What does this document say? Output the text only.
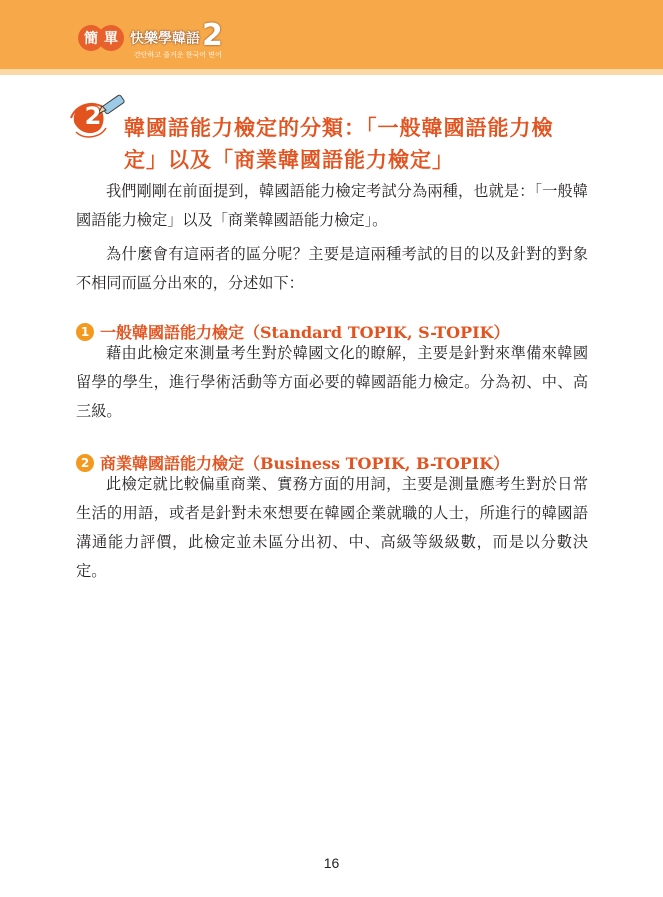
簡 單 快樂學韓語 2
간단하고 즐거운 한국어 면어
2	韓國語能力檢定的分類：「一般韓國語能力檢
定」以及「商業韓國語能力檢定」

我們剛剛在前面提到，韓國語能力檢定考試分為兩種，也就是：「一般韓國語能力檢定」以及「商業韓國語能力檢定」。

為什麼會有這兩者的區分呢？主要是這兩種考試的目的以及針對的對象不相同而區分出來的，分述如下：

1 一般韓國語能力檢定（Standard TOPIK, S-TOPIK）

藉由此檢定來測量考生對於韓國文化的瞭解，主要是針對來準備來韓國留學的學生，進行學術活動等方面必要的韓國語能力檢定。分為初、中、高三級。

2 商業韓國語能力檢定（Business TOPIK, B-TOPIK）

此檢定就比較偏重商業、實務方面的用詞，主要是測量應考生對於日常生活的用語，或者是針對未來想要在韓國企業就職的人士，所進行的韓國語溝通能力評價，此檢定並未區分出初、中、高級等級級數，而是以分數決定。

16
